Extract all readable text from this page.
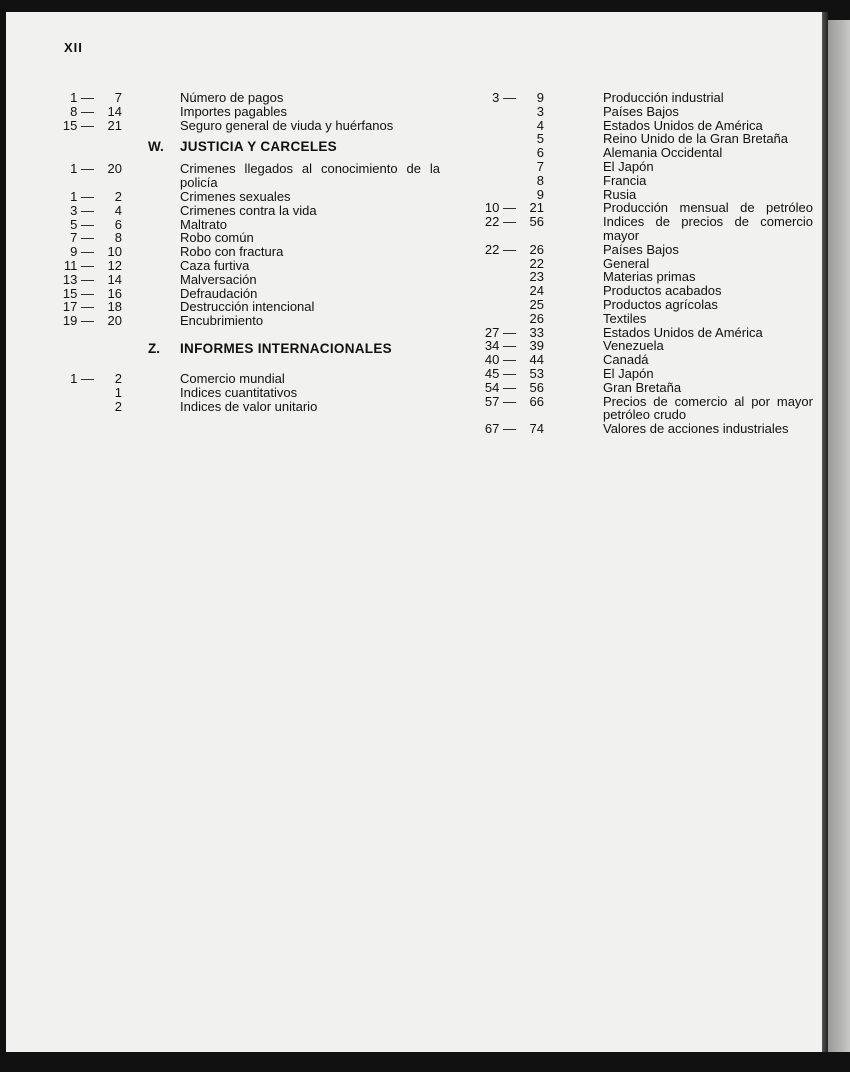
XII
1 —	7	Número de pagos
8 —	14	Importes pagables
15 —	21	Seguro general de viuda y huérfanos
W. JUSTICIA Y CARCELES
1 —	20	Crimenes llegados al conocimiento de la
policía
1 —	2	Crimenes sexuales
3 —	4	Crimenes contra la vida
5 —	6	Maltrato
7 —	8	Robo común
9 —	10	Robo con fractura
11 —	12	Caza furtiva
13 —	14	Malversación
15 —	16	Defraudación
17 —	18	Destrucción intencional
19 —	20	Encubrimiento
Z. INFORMES INTERNACIONALES
1 —	2	Comercio mundial
1	Indices cuantitativos
2	Indices de valor unitario
3 —	9	Producción industrial
3	Países Bajos
4	Estados Unidos de América
5	Reino Unido de la Gran Bretaña
6	Alemania Occidental
7	El Japón
8	Francia
9	Rusia
10 —	21	Producción mensual de petróleo
22 —	56	Indices de precios de comercio
mayor
22 —	26	Países Bajos
22	General
23	Materias primas
24	Productos acabados
25	Productos agrícolas
26	Textiles
27 —	33	Estados Unidos de América
34 —	39	Venezuela
40 —	44	Canadá
45 —	53	El Japón
54 —	56	Gran Bretaña
57 —	66	Precios de comercio al por mayor
petróleo crudo
67 —	74	Valores de acciones industriales
